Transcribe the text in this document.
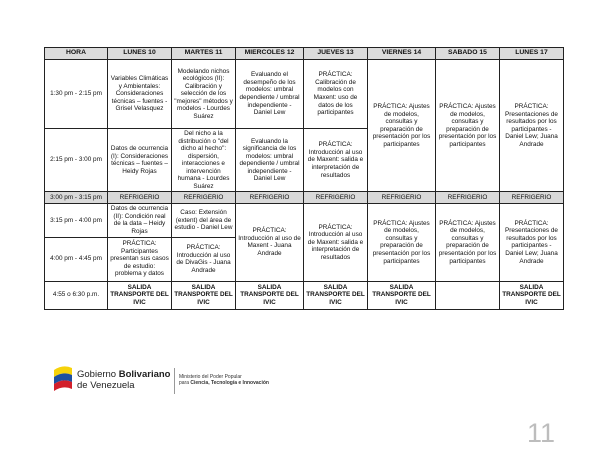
HORA	LUNES 10	MARTES 11	MIERCOLES 12	JUEVES 13	VIERNES 14	SABADO 15	LUNES 17
1:30 pm - 2:15 pm	Variables Climáticas y Ambientales: Consideraciones técnicas – fuentes - Grisel Velasquez	Modelando nichos ecológicos (II): Calibración y selección de los "mejores" métodos y modelos - Lourdes Suárez	Evaluando el desempeño de los modelos: umbral dependiente / umbral independiente - Daniel Lew	PRÁCTICA: Calibración de modelos con Maxent: uso de datos de los participantes	PRÁCTICA: Ajustes de modelos, consultas y preparación de presentación por los participantes	PRÁCTICA: Ajustes de modelos, consultas y preparación de presentación por los participantes	PRÁCTICA: Presentaciones de resultados por los participantes - Daniel Lew; Juana Andrade
2:15 pm - 3:00 pm	Datos de ocurrencia (I): Consideraciones técnicas – fuentes – Heidy Rojas	Del nicho a la distribución o "del dicho al hecho": dispersión, interacciones e intervención humana - Lourdes Suárez	Evaluando la significancia de los modelos: umbral dependiente / umbral independiente - Daniel Lew	PRÁCTICA: Introducción al uso de Maxent: salida e interpretación de resultados			
3:00 pm - 3:15 pm	REFRIGERIO	REFRIGERIO	REFRIGERIO	REFRIGERIO	REFRIGERIO	REFRIGERIO	REFRIGERIO
3:15 pm - 4:00 pm	Datos de ocurrencia (II): Condición real de la data – Heidy Rojas	Caso: Extensión (extent) del área de estudio - Daniel Lew	PRÁCTICA: Introducción al uso de Maxent - Juana Andrade	PRÁCTICA: Introducción al uso de Maxent: salida e interpretación de resultados	PRÁCTICA: Ajustes de modelos, consultas y preparación de presentación por los participantes	PRÁCTICA: Ajustes de modelos, consultas y preparación de presentación por los participantes	PRÁCTICA: Presentaciones de resultados por los participantes - Daniel Lew; Juana Andrade
4:00 pm - 4:45 pm	PRÁCTICA: Participantes presentan sus casos de estudio: problema y datos	PRÁCTICA: Introducción al uso de DivaGis - Juana Andrade					
4:55 o 6:30 p.m.	SALIDA TRANSPORTE DEL IVIC	SALIDA TRANSPORTE DEL IVIC	SALIDA TRANSPORTE DEL IVIC	SALIDA TRANSPORTE DEL IVIC	SALIDA TRANSPORTE DEL IVIC		SALIDA TRANSPORTE DEL IVIC
Gobierno Bolivariano
de Venezuela
Ministerio del Poder Popular
para Ciencia, Tecnología e Innovación
11
